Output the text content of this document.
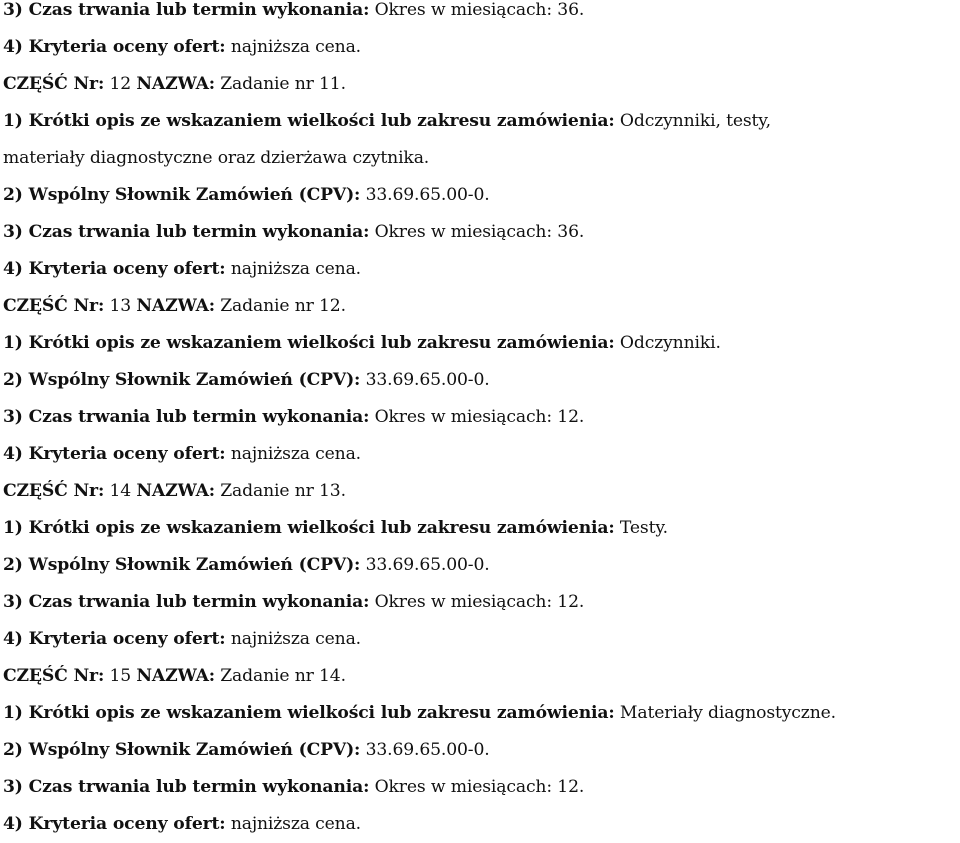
3) Czas trwania lub termin wykonania: Okres w miesiącach: 36.
4) Kryteria oceny ofert: najniższa cena.
CZĘŚĆ Nr: 12 NAZWA: Zadanie nr 11.
1) Krótki opis ze wskazaniem wielkości lub zakresu zamówienia: Odczynniki, testy,
materiały diagnostyczne oraz dzierżawa czytnika.
2) Wspólny Słownik Zamówień (CPV): 33.69.65.00-0.
3) Czas trwania lub termin wykonania: Okres w miesiącach: 36.
4) Kryteria oceny ofert: najniższa cena.
CZĘŚĆ Nr: 13 NAZWA: Zadanie nr 12.
1) Krótki opis ze wskazaniem wielkości lub zakresu zamówienia: Odczynniki.
2) Wspólny Słownik Zamówień (CPV): 33.69.65.00-0.
3) Czas trwania lub termin wykonania: Okres w miesiącach: 12.
4) Kryteria oceny ofert: najniższa cena.
CZĘŚĆ Nr: 14 NAZWA: Zadanie nr 13.
1) Krótki opis ze wskazaniem wielkości lub zakresu zamówienia: Testy.
2) Wspólny Słownik Zamówień (CPV): 33.69.65.00-0.
3) Czas trwania lub termin wykonania: Okres w miesiącach: 12.
4) Kryteria oceny ofert: najniższa cena.
CZĘŚĆ Nr: 15 NAZWA: Zadanie nr 14.
1) Krótki opis ze wskazaniem wielkości lub zakresu zamówienia: Materiały diagnostyczne.
2) Wspólny Słownik Zamówień (CPV): 33.69.65.00-0.
3) Czas trwania lub termin wykonania: Okres w miesiącach: 12.
4) Kryteria oceny ofert: najniższa cena.
